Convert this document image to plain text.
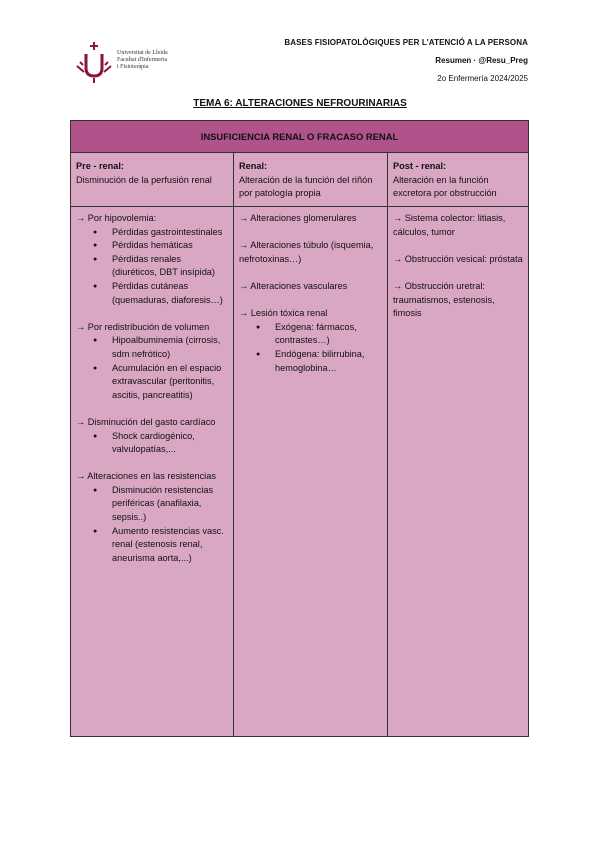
Universitat de Lleida
Facultat d'Infermeria
i Fisioteràpia
BASES FISIOPATOLÒGIQUES PER L'ATENCIÓ A LA PERSONA
Resumen · @Resu_Preg
2o Enfermería 2024/2025
TEMA 6: ALTERACIONES NEFROURINARIAS
INSUFICIENCIA RENAL O FRACASO RENAL
Pre - renal:
Disminución de la perfusión renal
→ Por hipovolemia:
● Pérdidas gastrointestinales
● Pérdidas hemáticas
● Pérdidas renales (diuréticos, DBT insípida)
● Pérdidas cutáneas (quemaduras, diaforesis…)
→ Por redistribución de volumen
● Hipoalbuminemia (cirrosis, sdm nefrótico)
● Acumulación en el espacio extravascular (peritonitis, ascitis, pancreatitis)
→ Disminución del gasto cardíaco
● Shock cardiogénico, valvulopatías,...
→ Alteraciones en las resistencias
● Disminución resistencias periféricas (anafilaxia, sepsis..)
● Aumento resistencias vasc. renal (estenosis renal, aneurisma aorta,...)
Renal:
Alteración de la función del riñón por patología propia
→ Alteraciones glomerulares
→ Alteraciones túbulo (isquemia, nefrotoxinas…)
→ Alteraciones vasculares
→ Lesión tóxica renal
● Exógena: fármacos, contrastes…)
● Endógena: bilirrubina, hemoglobina…
Post - renal:
Alteración en la función excretora por obstrucción
→ Sistema colector: litiasis, cálculos, tumor
→ Obstrucción vesical: próstata
→ Obstrucción uretral: traumatismos, estenosis, fimosis
